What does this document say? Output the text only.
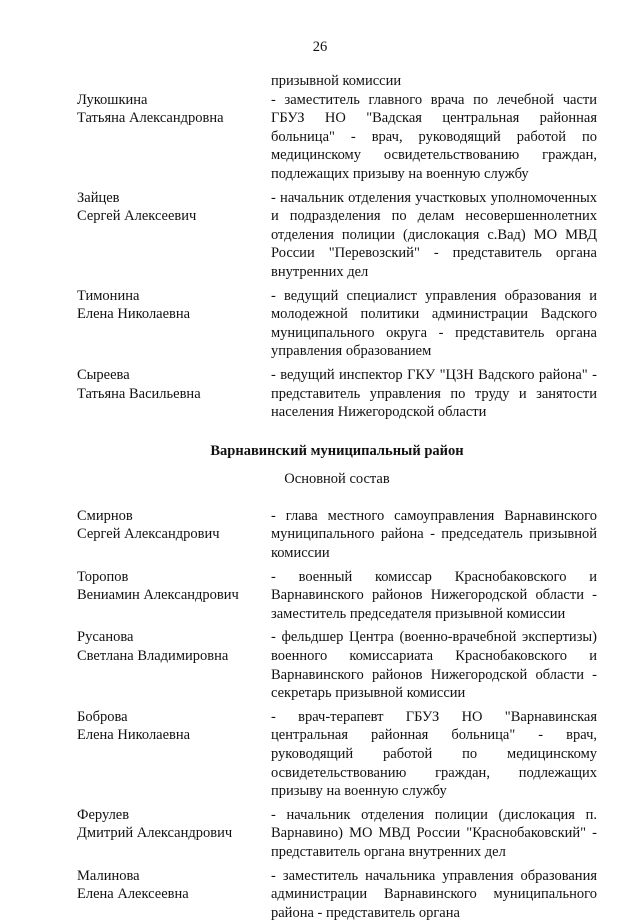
26
призывной комиссии
Лукошкина
Татьяна Александровна
- заместитель главного врача по лечебной части ГБУЗ НО "Вадская центральная районная больница" - врач, руководящий работой по медицинскому освидетельствованию граждан, подлежащих призыву на военную службу
Зайцев
Сергей Алексеевич
- начальник отделения участковых уполномоченных и подразделения по делам несовершеннолетних отделения полиции (дислокация с.Вад) МО МВД России "Перевозский" - представитель органа внутренних дел
Тимонина
Елена Николаевна
- ведущий специалист управления образования и молодежной политики администрации Вадского муниципального округа - представитель органа управления образованием
Сыреева
Татьяна Васильевна
- ведущий инспектор ГКУ "ЦЗН Вадского района" - представитель управления по труду и занятости населения Нижегородской области
Варнавинский муниципальный район
Основной состав
Смирнов
Сергей Александрович
- глава местного самоуправления Варнавинского муниципального района - председатель призывной комиссии
Торопов
Вениамин Александрович
- военный комиссар Краснобаковского и Варнавинского районов Нижегородской области - заместитель председателя призывной комиссии
Русанова
Светлана Владимировна
- фельдшер Центра (военно-врачебной экспертизы) военного комиссариата Краснобаковского и Варнавинского районов Нижегородской области - секретарь призывной комиссии
Боброва
Елена Николаевна
- врач-терапевт ГБУЗ НО "Варнавинская центральная районная больница" - врач, руководящий работой по медицинскому освидетельствованию граждан, подлежащих призыву на военную службу
Ферулев
Дмитрий Александрович
- начальник отделения полиции (дислокация п. Варнавино) МО МВД России "Краснобаковский" - представитель органа внутренних дел
Малинова
Елена Алексеевна
- заместитель начальника управления образования администрации Варнавинского муниципального района - представитель органа
